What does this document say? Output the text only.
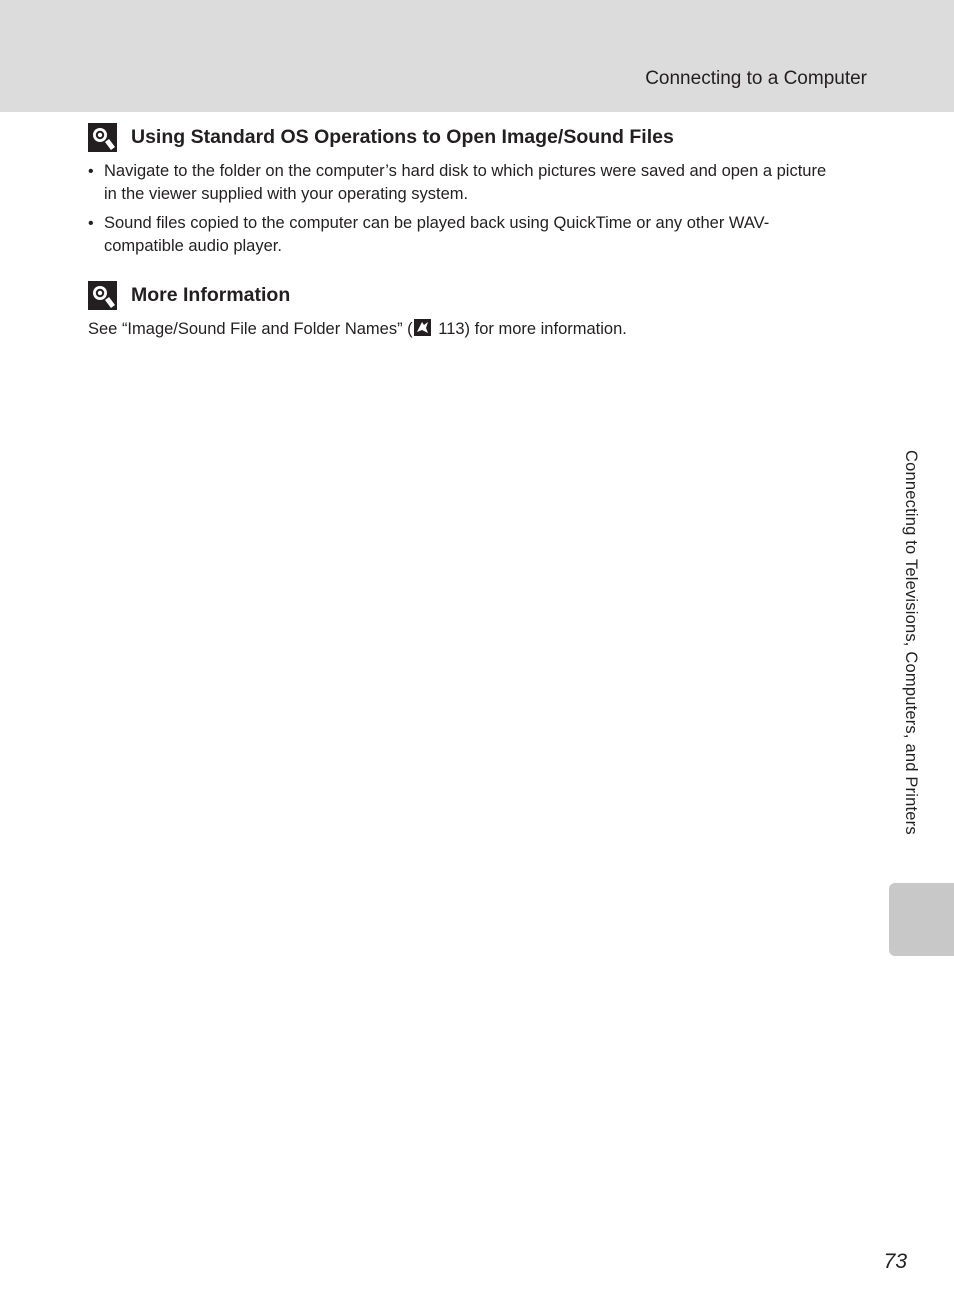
Connecting to a Computer
Using Standard OS Operations to Open Image/Sound Files
• Navigate to the folder on the computer’s hard disk to which pictures were saved and open a picture in the viewer supplied with your operating system.
• Sound files copied to the computer can be played back using QuickTime or any other WAV-compatible audio player.
More Information
See “Image/Sound File and Folder Names” ( 113) for more information.
Connecting to Televisions, Computers, and Printers
73
